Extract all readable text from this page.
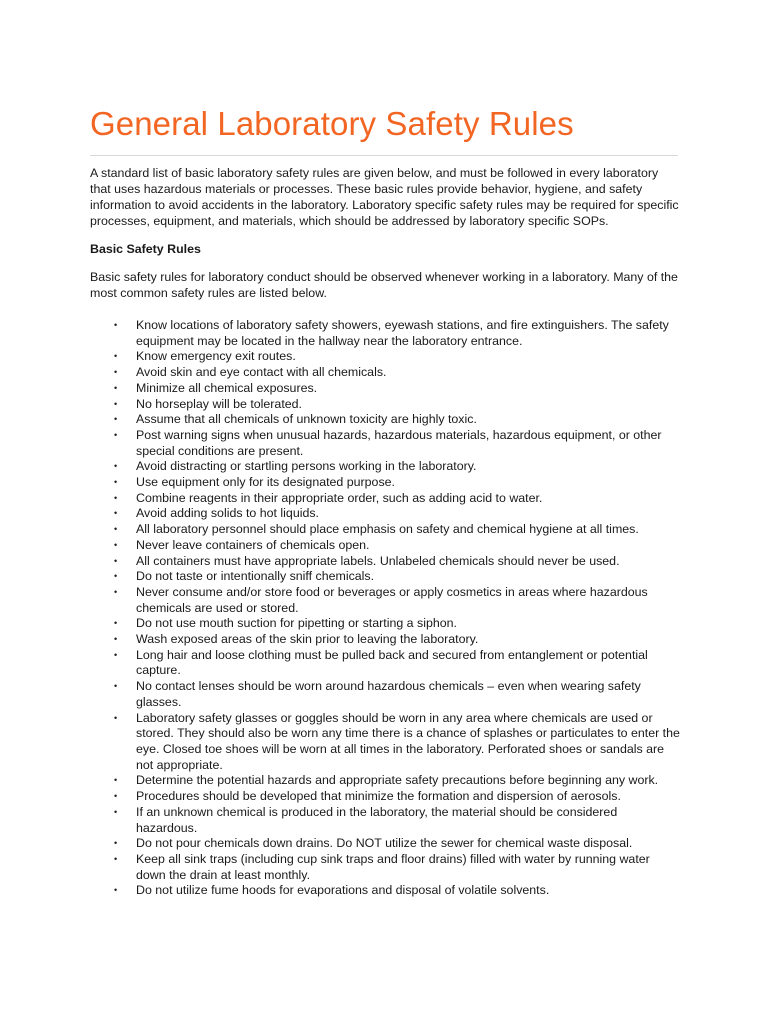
General Laboratory Safety Rules

A standard list of basic laboratory safety rules are given below, and must be followed in every laboratory that uses hazardous materials or processes. These basic rules provide behavior, hygiene, and safety information to avoid accidents in the laboratory. Laboratory specific safety rules may be required for specific processes, equipment, and materials, which should be addressed by laboratory specific SOPs.

Basic Safety Rules

Basic safety rules for laboratory conduct should be observed whenever working in a laboratory. Many of the most common safety rules are listed below.

• Know locations of laboratory safety showers, eyewash stations, and fire extinguishers. The safety equipment may be located in the hallway near the laboratory entrance.
• Know emergency exit routes.
• Avoid skin and eye contact with all chemicals.
• Minimize all chemical exposures.
• No horseplay will be tolerated.
• Assume that all chemicals of unknown toxicity are highly toxic.
• Post warning signs when unusual hazards, hazardous materials, hazardous equipment, or other special conditions are present.
• Avoid distracting or startling persons working in the laboratory.
• Use equipment only for its designated purpose.
• Combine reagents in their appropriate order, such as adding acid to water.
• Avoid adding solids to hot liquids.
• All laboratory personnel should place emphasis on safety and chemical hygiene at all times.
• Never leave containers of chemicals open.
• All containers must have appropriate labels. Unlabeled chemicals should never be used.
• Do not taste or intentionally sniff chemicals.
• Never consume and/or store food or beverages or apply cosmetics in areas where hazardous chemicals are used or stored.
• Do not use mouth suction for pipetting or starting a siphon.
• Wash exposed areas of the skin prior to leaving the laboratory.
• Long hair and loose clothing must be pulled back and secured from entanglement or potential capture.
• No contact lenses should be worn around hazardous chemicals – even when wearing safety glasses.
• Laboratory safety glasses or goggles should be worn in any area where chemicals are used or stored. They should also be worn any time there is a chance of splashes or particulates to enter the eye. Closed toe shoes will be worn at all times in the laboratory. Perforated shoes or sandals are not appropriate.
• Determine the potential hazards and appropriate safety precautions before beginning any work.
• Procedures should be developed that minimize the formation and dispersion of aerosols.
• If an unknown chemical is produced in the laboratory, the material should be considered hazardous.
• Do not pour chemicals down drains. Do NOT utilize the sewer for chemical waste disposal.
• Keep all sink traps (including cup sink traps and floor drains) filled with water by running water down the drain at least monthly.
• Do not utilize fume hoods for evaporations and disposal of volatile solvents.
